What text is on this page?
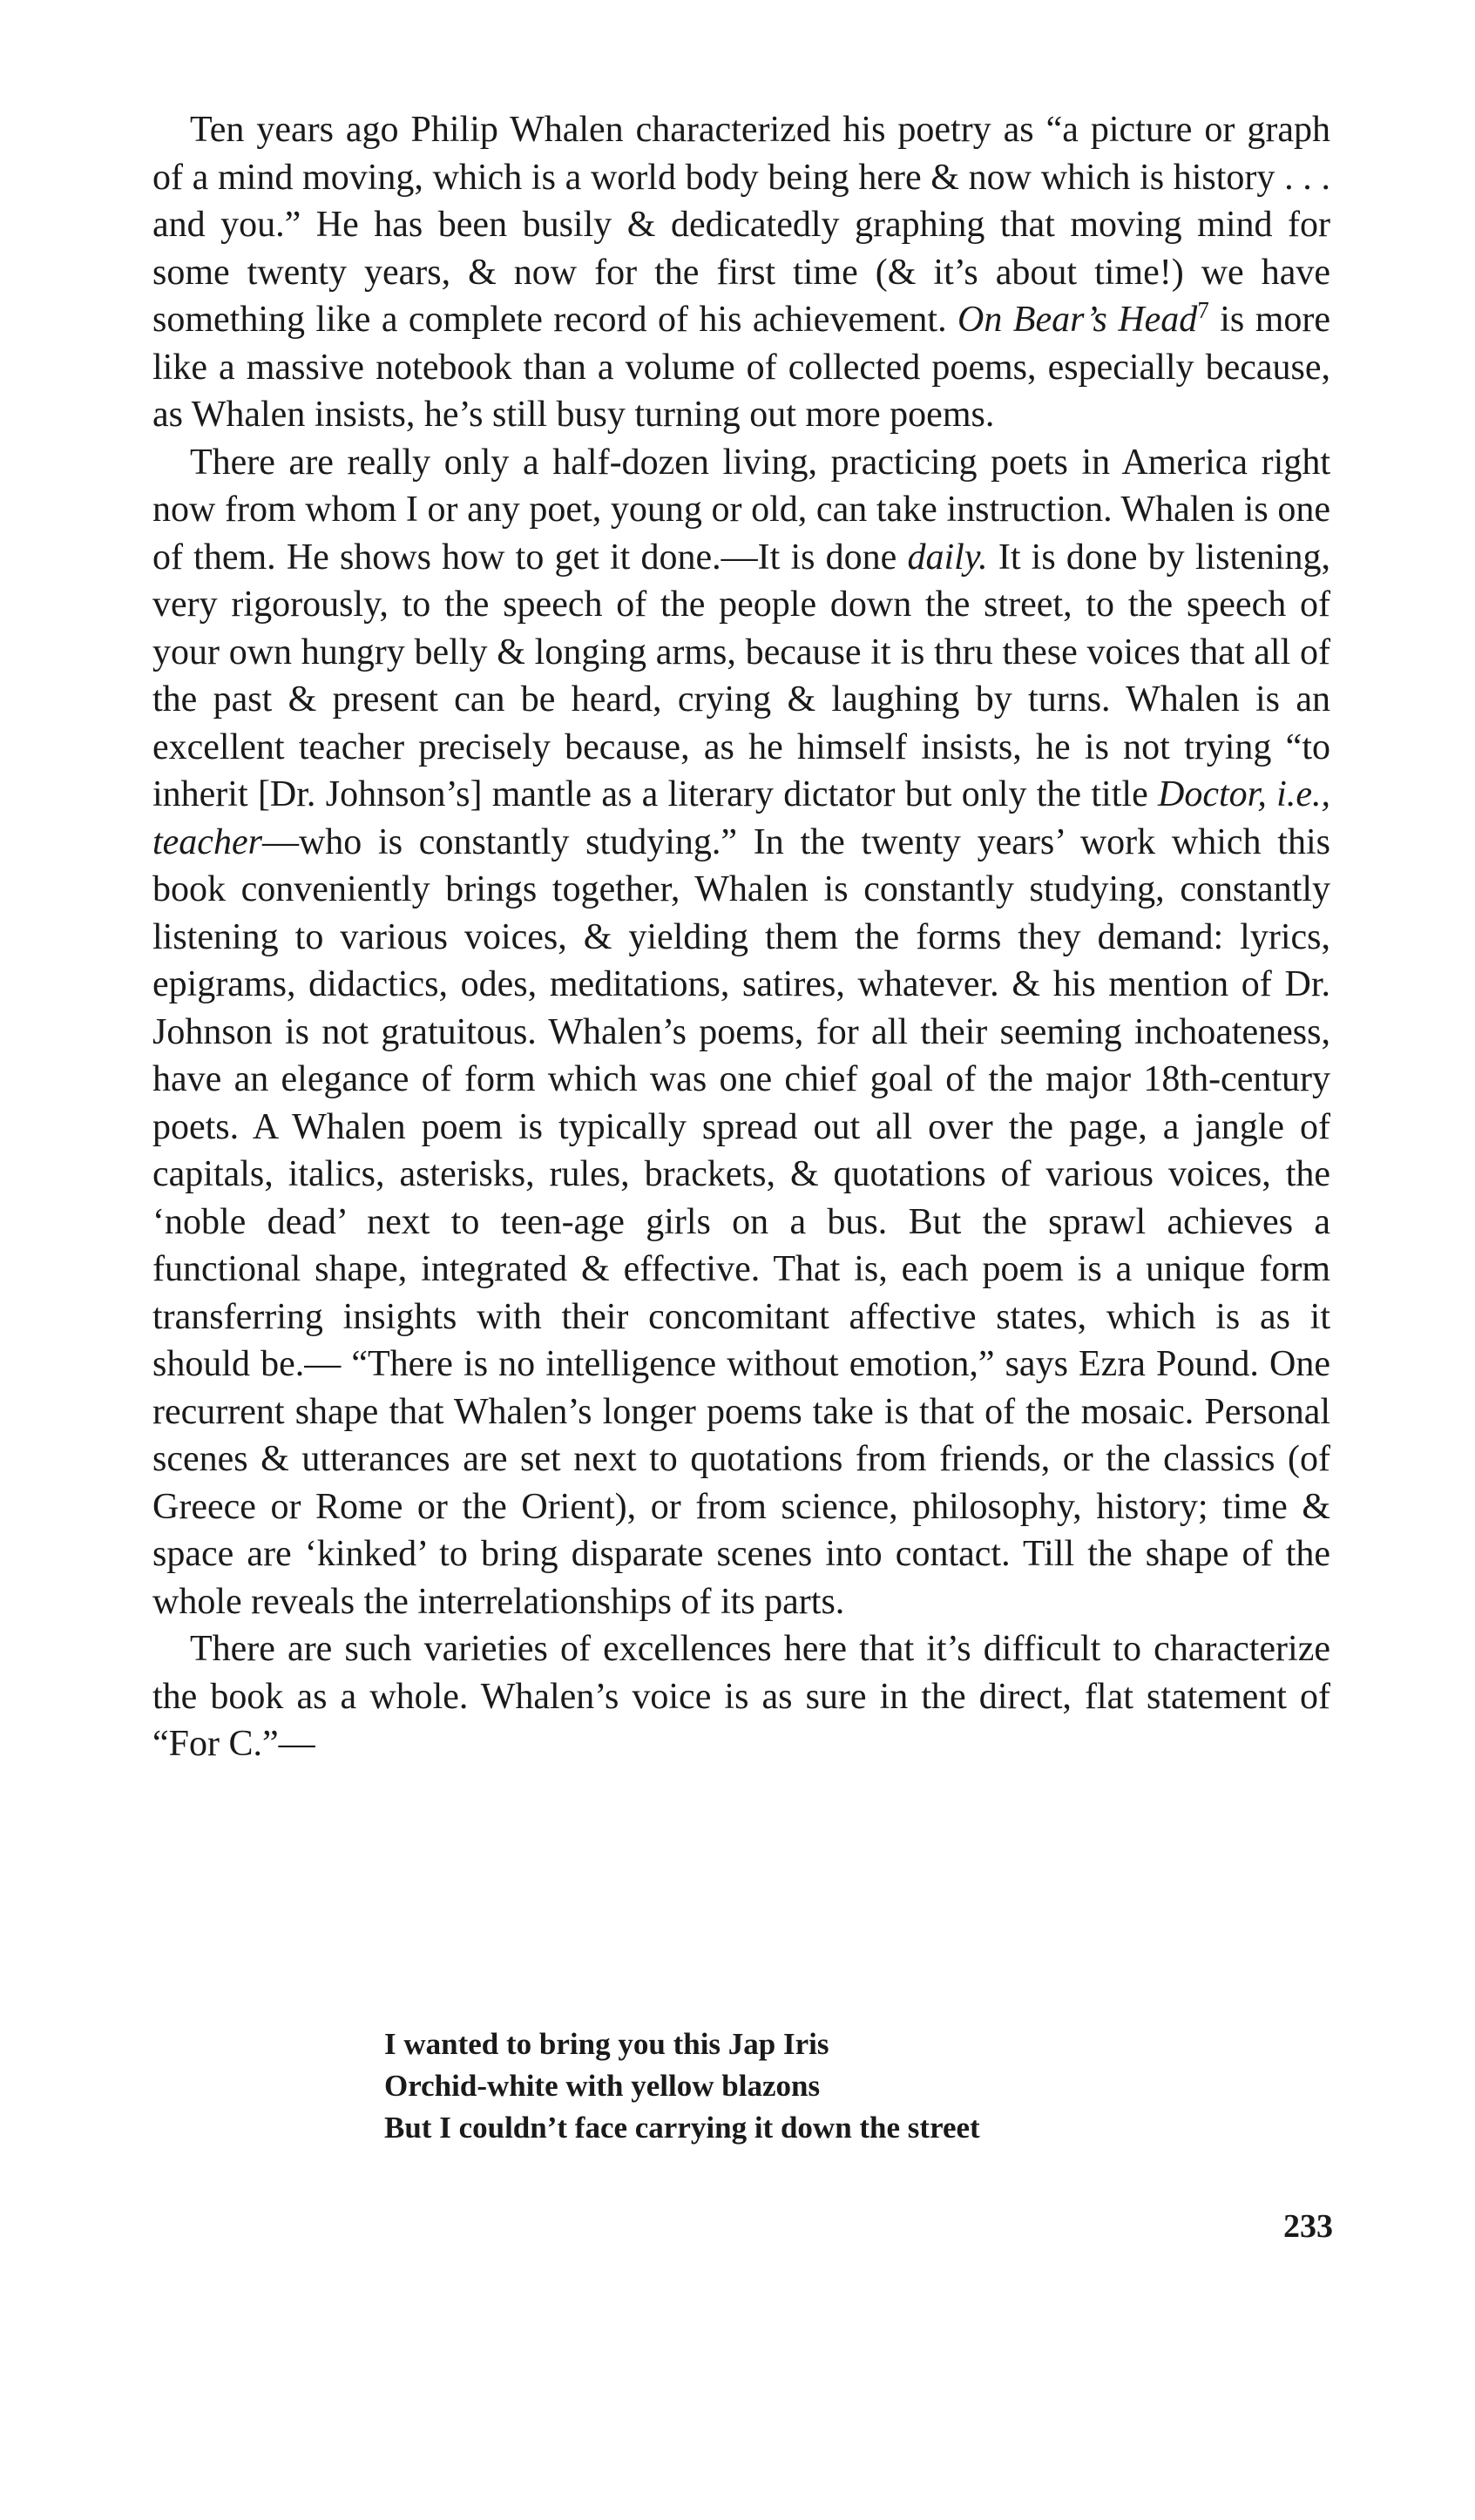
Ten years ago Philip Whalen characterized his poetry as “a picture or graph of a mind moving, which is a world body being here & now which is history . . . and you.” He has been busily & dedicatedly graphing that moving mind for some twenty years, & now for the first time (& it’s about time!) we have something like a complete record of his achievement. On Bear’s Head$^7$ is more like a massive notebook than a volume of collected poems, especially because, as Whalen insists, he’s still busy turning out more poems.

There are really only a half-dozen living, practicing poets in America right now from whom I or any poet, young or old, can take instruction. Whalen is one of them. He shows how to get it done.—It is done daily. It is done by listening, very rigorously, to the speech of the people down the street, to the speech of your own hungry belly & longing arms, because it is thru these voices that all of the past & present can be heard, crying & laughing by turns. Whalen is an excellent teacher precisely because, as he himself insists, he is not trying “to inherit [Dr. Johnson’s] mantle as a literary dictator but only the title Doctor, i.e., teacher—who is constantly studying.” In the twenty years’ work which this book conveniently brings together, Whalen is constantly studying, constantly listening to various voices, & yielding them the forms they demand: lyrics, epigrams, didactics, odes, meditations, satires, whatever. & his mention of Dr. Johnson is not gratuitous. Whalen’s poems, for all their seeming inchoateness, have an elegance of form which was one chief goal of the major 18th-century poets. A Whalen poem is typically spread out all over the page, a jangle of capitals, italics, asterisks, rules, brackets, & quotations of various voices, the ‘noble dead’ next to teen-age girls on a bus. But the sprawl achieves a functional shape, integrated & effective. That is, each poem is a unique form transferring insights with their concomitant affective states, which is as it should be.— “There is no intelligence without emotion,” says Ezra Pound. One recurrent shape that Whalen’s longer poems take is that of the mosaic. Personal scenes & utterances are set next to quotations from friends, or the classics (of Greece or Rome or the Orient), or from science, philosophy, history; time & space are ‘kinked’ to bring disparate scenes into contact. Till the shape of the whole reveals the interrelationships of its parts.

There are such varieties of excellences here that it’s difficult to characterize the book as a whole. Whalen’s voice is as sure in the direct, flat statement of “For C.”—

I wanted to bring you this Jap Iris
Orchid-white with yellow blazons
But I couldn’t face carrying it down the street
233
